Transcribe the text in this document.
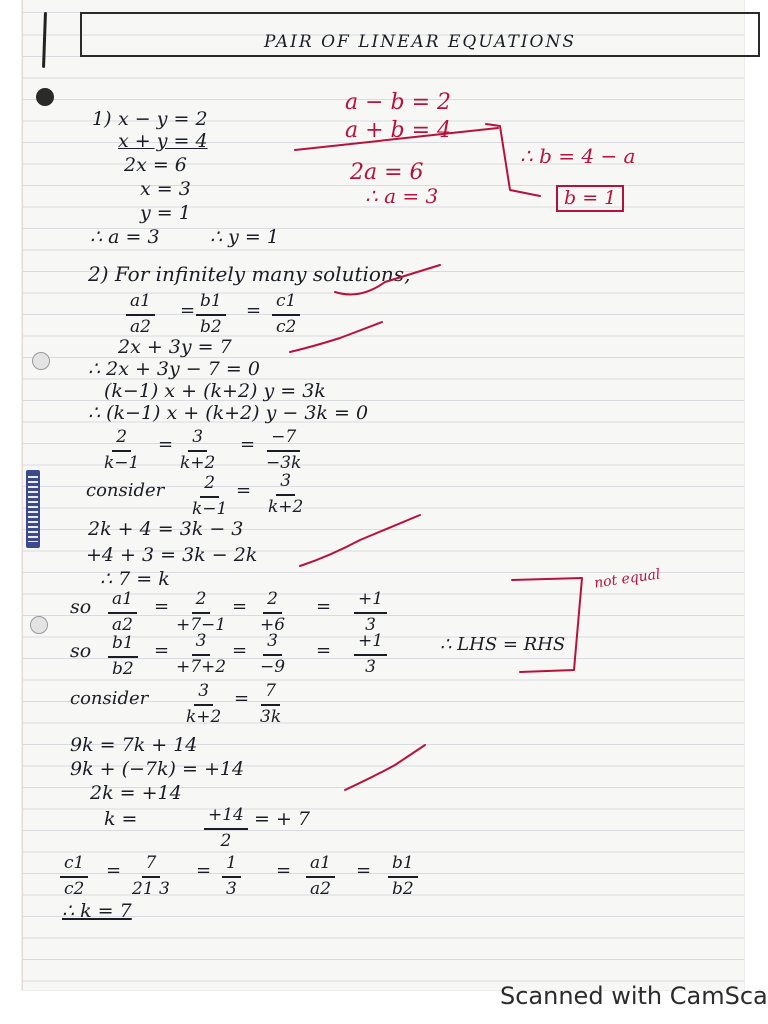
PAIR OF LINEAR EQUATIONS
1) x − y = 2
x + y = 4
2x = 6
x = 3
y = 1
∴ a = 3	∴ y = 1
a − b = 2
a + b = 4
2a = 6
∴ a = 3
∴ b = 4 − a
b = 1
2) For infinitely many solutions,
$\frac{a1}{a2} = \frac{b1}{b2} = \frac{c1}{c2}$
2x + 3y = 7
∴ 2x + 3y − 7 = 0
(k−1) x + (k+2) y = 3k
∴ (k−1) x + (k+2) y − 3k = 0
$\frac{2}{k-1} = \frac{3}{k+2} = \frac{-7}{-3k}$
consider $\frac{2}{k-1} = \frac{3}{k+2}$
2k + 4 = 3k − 3
+4 + 3 = 3k − 2k
∴ 7 = k
so $\frac{a1}{a2} = \frac{2}{+7-1} = \frac{2}{+6} = \frac{+1}{3}$
so $\frac{b1}{b2} = \frac{3}{+7+2} = \frac{3}{-9} = \frac{+1}{3}$	∴ LHS = RHS
consider $\frac{3}{k+2} = \frac{7}{3k}$
9k = 7k + 14
9k + (−7k) = +14
2k = +14
k =	$\frac{+14}{2}$ = + 7
$\frac{c1}{c2} = \frac{7}{21 3} = \frac{1}{3} = \frac{a1}{a2} = \frac{b1}{b2}$
∴ k = 7
not equal
Scanned with CamSca
